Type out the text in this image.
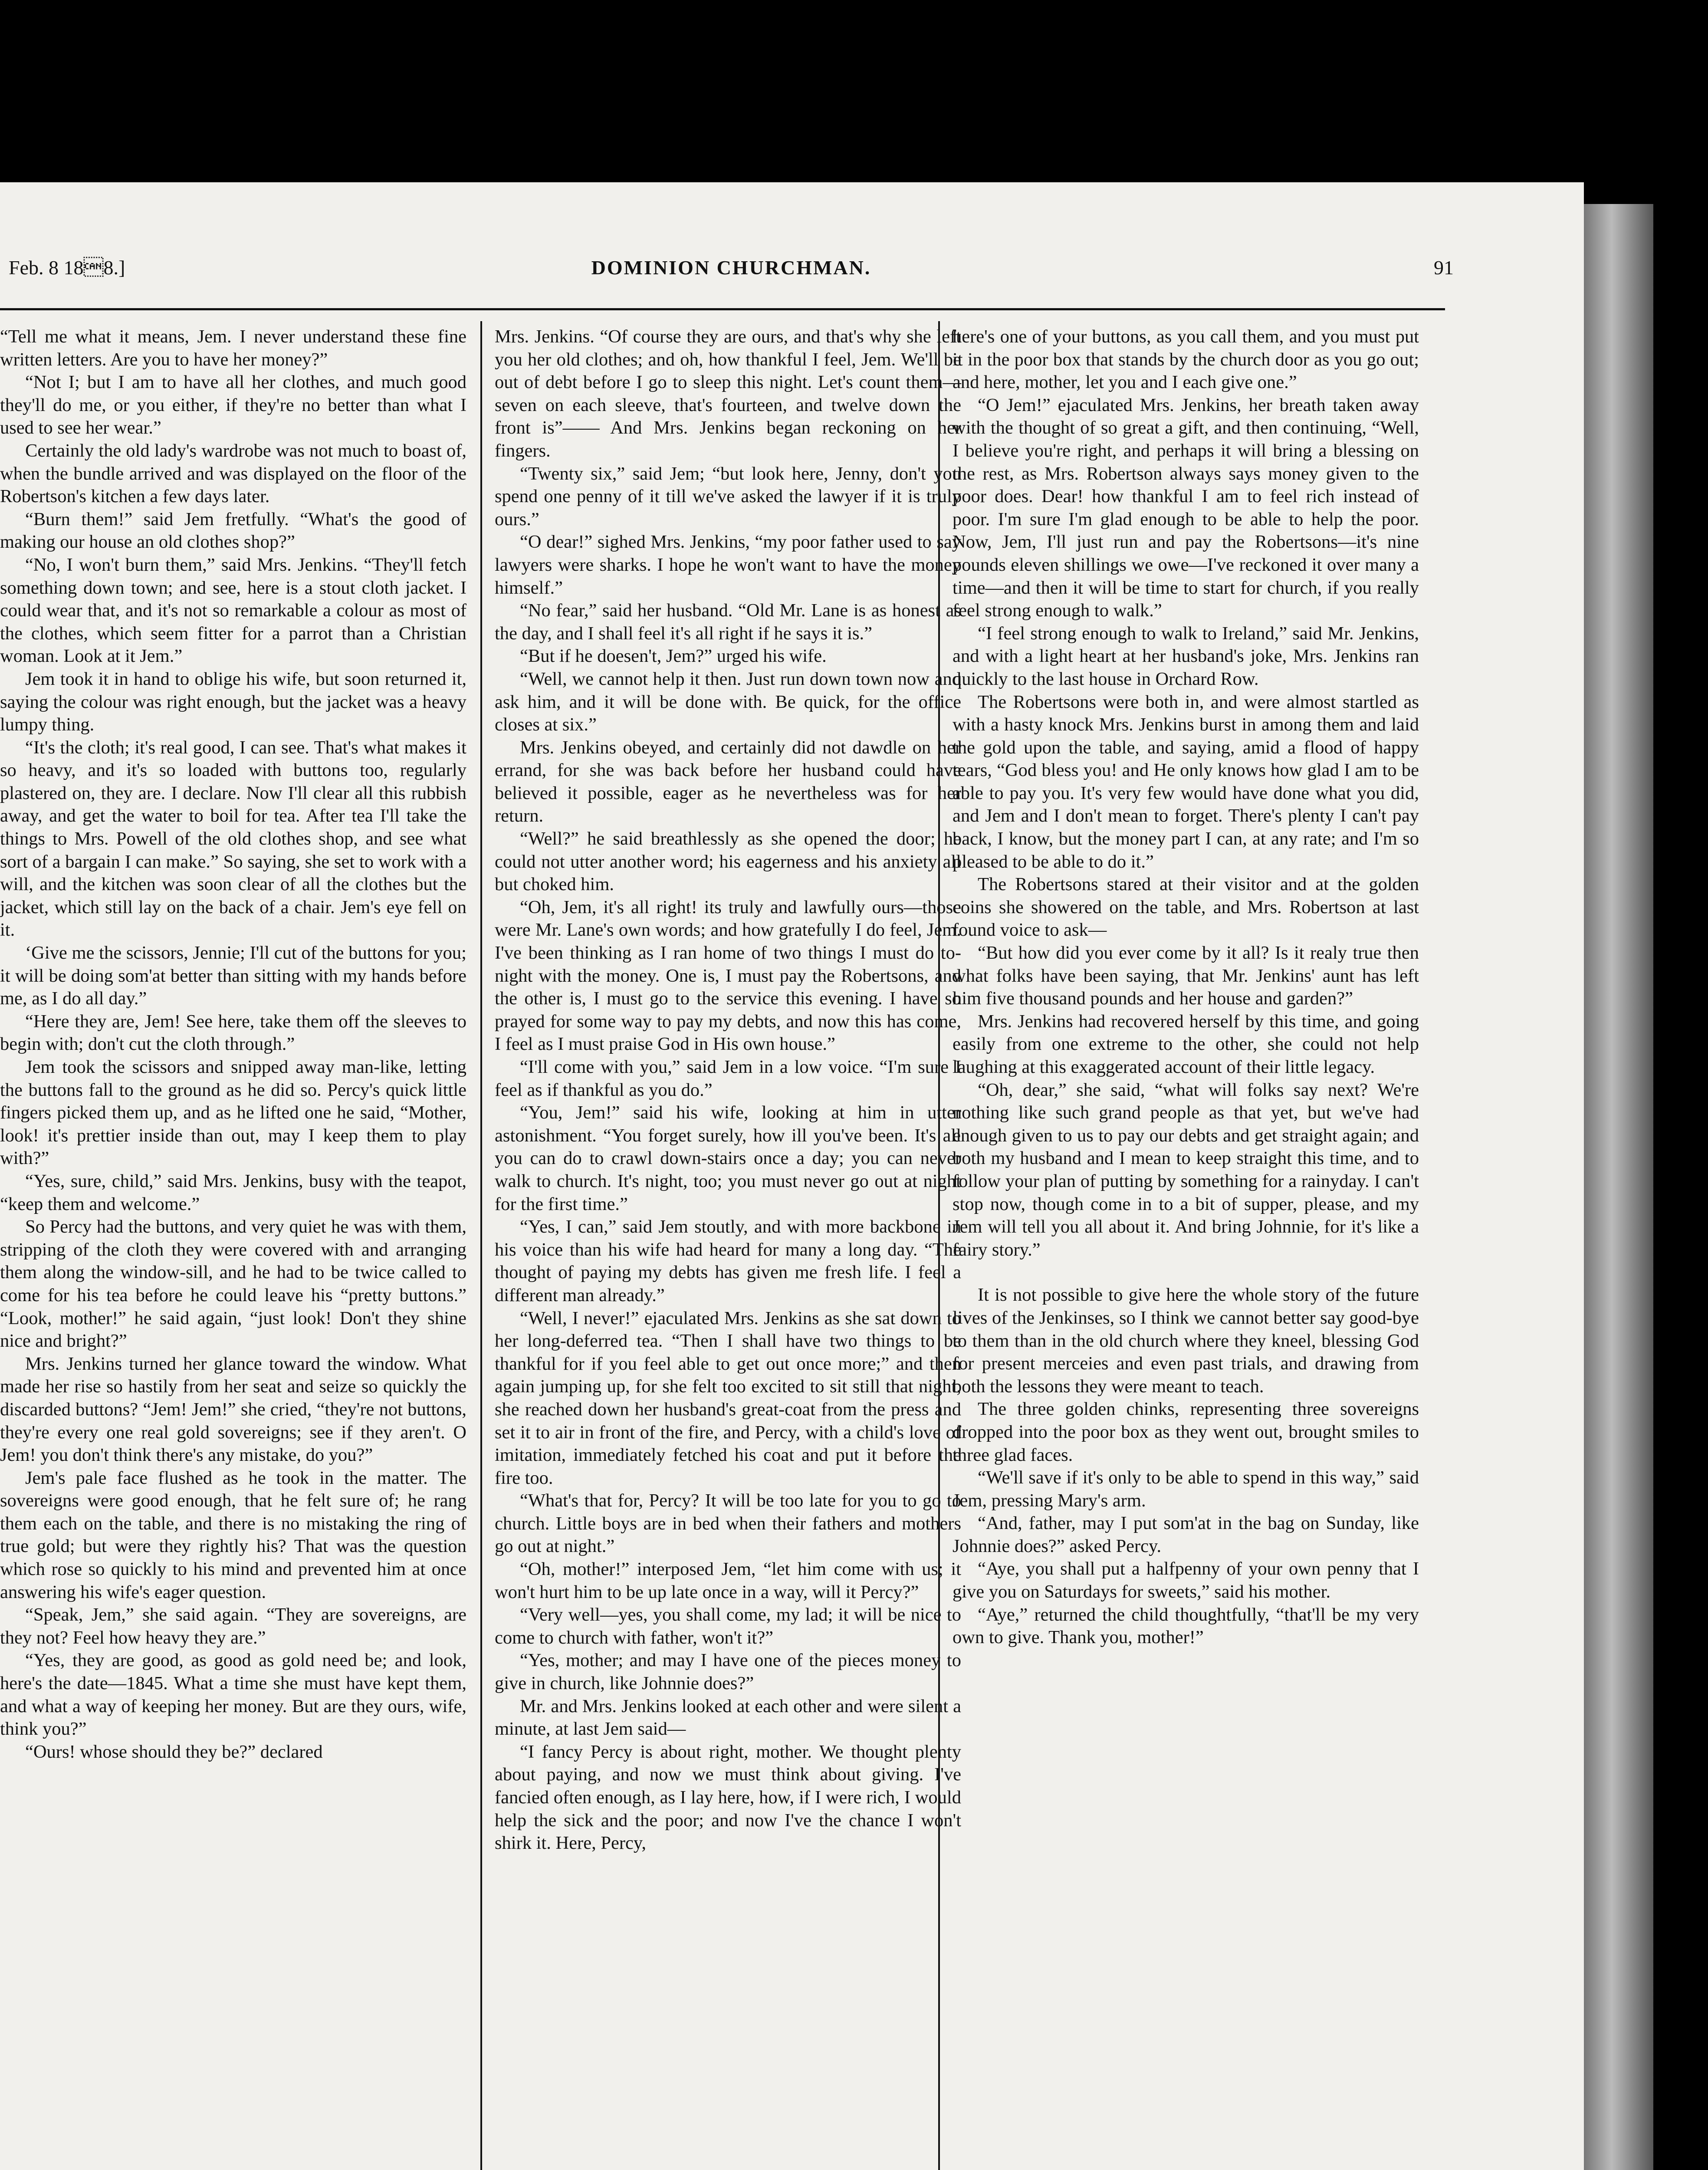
Feb. 8 188.]	DOMINION CHURCHMAN.	91

“Tell me what it means, Jem. I never understand these fine written letters. Are you to have her money?”

“Not I; but I am to have all her clothes, and much good they'll do me, or you either, if they're no better than what I used to see her wear.”

Certainly the old lady's wardrobe was not much to boast of, when the bundle arrived and was displayed on the floor of the Robertson's kitchen a few days later.

“Burn them!” said Jem fretfully. “What's the good of making our house an old clothes shop?”

“No, I won't burn them,” said Mrs. Jenkins. “They'll fetch something down town; and see, here is a stout cloth jacket. I could wear that, and it's not so remarkable a colour as most of the clothes, which seem fitter for a parrot than a Christian woman. Look at it Jem.”

Jem took it in hand to oblige his wife, but soon returned it, saying the colour was right enough, but the jacket was a heavy lumpy thing.

“It's the cloth; it's real good, I can see. That's what makes it so heavy, and it's so loaded with buttons too, regularly plastered on, they are. I declare. Now I'll clear all this rubbish away, and get the water to boil for tea. After tea I'll take the things to Mrs. Powell of the old clothes shop, and see what sort of a bargain I can make.” So saying, she set to work with a will, and the kitchen was soon clear of all the clothes but the jacket, which still lay on the back of a chair. Jem's eye fell on it.

‘Give me the scissors, Jennie; I'll cut of the buttons for you; it will be doing som'at better than sitting with my hands before me, as I do all day.”

“Here they are, Jem! See here, take them off the sleeves to begin with; don't cut the cloth through.”

Jem took the scissors and snipped away man-like, letting the buttons fall to the ground as he did so. Percy's quick little fingers picked them up, and as he lifted one he said, “Mother, look! it's prettier inside than out, may I keep them to play with?”

“Yes, sure, child,” said Mrs. Jenkins, busy with the teapot, “keep them and welcome.”

So Percy had the buttons, and very quiet he was with them, stripping of the cloth they were covered with and arranging them along the window-sill, and he had to be twice called to come for his tea before he could leave his “pretty buttons.” “Look, mother!” he said again, “just look! Don't they shine nice and bright?”

Mrs. Jenkins turned her glance toward the window. What made her rise so hastily from her seat and seize so quickly the discarded buttons? “Jem! Jem!” she cried, “they're not buttons, they're every one real gold sovereigns; see if they aren't. O Jem! you don't think there's any mistake, do you?”

Jem's pale face flushed as he took in the matter. The sovereigns were good enough, that he felt sure of; he rang them each on the table, and there is no mistaking the ring of true gold; but were they rightly his? That was the question which rose so quickly to his mind and prevented him at once answering his wife's eager question.

“Speak, Jem,” she said again. “They are sovereigns, are they not? Feel how heavy they are.”

“Yes, they are good, as good as gold need be; and look, here's the date—1845. What a time she must have kept them, and what a way of keeping her money. But are they ours, wife, think you?”

“Ours! whose should they be?” declared

Mrs. Jenkins. “Of course they are ours, and that's why she left you her old clothes; and oh, how thankful I feel, Jem. We'll be out of debt before I go to sleep this night. Let's count them—seven on each sleeve, that's fourteen, and twelve down the front is”—— And Mrs. Jenkins began reckoning on her fingers.

“Twenty six,” said Jem; “but look here, Jenny, don't you spend one penny of it till we've asked the lawyer if it is truly ours.”

“O dear!” sighed Mrs. Jenkins, “my poor father used to say lawyers were sharks. I hope he won't want to have the money himself.”

“No fear,” said her husband. “Old Mr. Lane is as honest as the day, and I shall feel it's all right if he says it is.”

“But if he doesen't, Jem?” urged his wife.

“Well, we cannot help it then. Just run down town now and ask him, and it will be done with. Be quick, for the office closes at six.”

Mrs. Jenkins obeyed, and certainly did not dawdle on her errand, for she was back before her husband could have believed it possible, eager as he nevertheless was for her return.

“Well?” he said breathlessly as she opened the door; he could not utter another word; his eagerness and his anxiety all but choked him.

“Oh, Jem, it's all right! its truly and lawfully ours—those were Mr. Lane's own words; and how gratefully I do feel, Jem. I've been thinking as I ran home of two things I must do to-night with the money. One is, I must pay the Robertsons, and the other is, I must go to the service this evening. I have so prayed for some way to pay my debts, and now this has come, I feel as I must praise God in His own house.”

“I'll come with you,” said Jem in a low voice. “I'm sure I feel as if thankful as you do.”

“You, Jem!” said his wife, looking at him in utter astonishment. “You forget surely, how ill you've been. It's all you can do to crawl down-stairs once a day; you can never walk to church. It's night, too; you must never go out at night for the first time.”

“Yes, I can,” said Jem stoutly, and with more backbone in his voice than his wife had heard for many a long day. “The thought of paying my debts has given me fresh life. I feel a different man already.”

“Well, I never!” ejaculated Mrs. Jenkins as she sat down to her long-deferred tea. “Then I shall have two things to be thankful for if you feel able to get out once more;” and then again jumping up, for she felt too excited to sit still that night, she reached down her husband's great-coat from the press and set it to air in front of the fire, and Percy, with a child's love of imitation, immediately fetched his coat and put it before the fire too.

“What's that for, Percy? It will be too late for you to go to church. Little boys are in bed when their fathers and mothers go out at night.”

“Oh, mother!” interposed Jem, “let him come with us; it won't hurt him to be up late once in a way, will it Percy?”

“Very well—yes, you shall come, my lad; it will be nice to come to church with father, won't it?”

“Yes, mother; and may I have one of the pieces money to give in church, like Johnnie does?”

Mr. and Mrs. Jenkins looked at each other and were silent a minute, at last Jem said—

“I fancy Percy is about right, mother. We thought plenty about paying, and now we must think about giving. I've fancied often enough, as I lay here, how, if I were rich, I would help the sick and the poor; and now I've the chance I won't shirk it. Here, Percy,

here's one of your buttons, as you call them, and you must put it in the poor box that stands by the church door as you go out; and here, mother, let you and I each give one.”

“O Jem!” ejaculated Mrs. Jenkins, her breath taken away with the thought of so great a gift, and then continuing, “Well, I believe you're right, and perhaps it will bring a blessing on the rest, as Mrs. Robertson always says money given to the poor does. Dear! how thankful I am to feel rich instead of poor. I'm sure I'm glad enough to be able to help the poor. Now, Jem, I'll just run and pay the Robertsons—it's nine pounds eleven shillings we owe—I've reckoned it over many a time—and then it will be time to start for church, if you really feel strong enough to walk.”

“I feel strong enough to walk to Ireland,” said Mr. Jenkins, and with a light heart at her husband's joke, Mrs. Jenkins ran quickly to the last house in Orchard Row.

The Robertsons were both in, and were almost startled as with a hasty knock Mrs. Jenkins burst in among them and laid the gold upon the table, and saying, amid a flood of happy tears, “God bless you! and He only knows how glad I am to be able to pay you. It's very few would have done what you did, and Jem and I don't mean to forget. There's plenty I can't pay back, I know, but the money part I can, at any rate; and I'm so pleased to be able to do it.”

The Robertsons stared at their visitor and at the golden coins she showered on the table, and Mrs. Robertson at last found voice to ask—

“But how did you ever come by it all? Is it realy true then what folks have been saying, that Mr. Jenkins' aunt has left him five thousand pounds and her house and garden?”

Mrs. Jenkins had recovered herself by this time, and going easily from one extreme to the other, she could not help laughing at this exaggerated account of their little legacy.

“Oh, dear,” she said, “what will folks say next? We're nothing like such grand people as that yet, but we've had enough given to us to pay our debts and get straight again; and both my husband and I mean to keep straight this time, and to follow your plan of putting by something for a rainyday. I can't stop now, though come in to a bit of supper, please, and my Jem will tell you all about it. And bring Johnnie, for it's like a fairy story.”

It is not possible to give here the whole story of the future lives of the Jenkinses, so I think we cannot better say good-bye to them than in the old church where they kneel, blessing God for present merceies and even past trials, and drawing from both the lessons they were meant to teach.

The three golden chinks, representing three sovereigns dropped into the poor box as they went out, brought smiles to three glad faces.

“We'll save if it's only to be able to spend in this way,” said Jem, pressing Mary's arm.

“And, father, may I put som'at in the bag on Sunday, like Johnnie does?” asked Percy.

“Aye, you shall put a halfpenny of your own penny that I give you on Saturdays for sweets,” said his mother.

“Aye,” returned the child thoughtfully, “that'll be my very own to give. Thank you, mother!”
